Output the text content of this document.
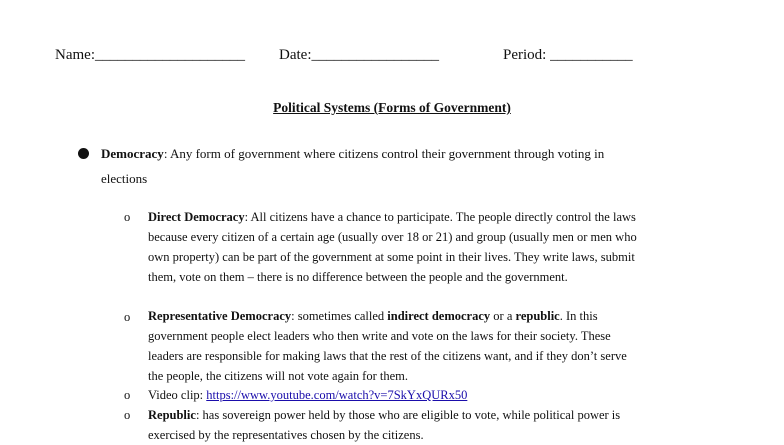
Name:____________________ Date:_________________	Period: ___________
Political Systems (Forms of Government)
Democracy: Any form of government where citizens control their government through voting in
elections
o Direct Democracy: All citizens have a chance to participate. The people directly control the laws
because every citizen of a certain age (usually over 18 or 21) and group (usually men or men who
own property) can be part of the government at some point in their lives. They write laws, submit
them, vote on them – there is no difference between the people and the government.
o Representative Democracy: sometimes called indirect democracy or a republic. In this
government people elect leaders who then write and vote on the laws for their society. These
leaders are responsible for making laws that the rest of the citizens want, and if they don’t serve
the people, the citizens will not vote again for them.
o Video clip: https://www.youtube.com/watch?v=7SkYxQURx50
o Republic: has sovereign power held by those who are eligible to vote, while political power is
exercised by the representatives chosen by the citizens.
